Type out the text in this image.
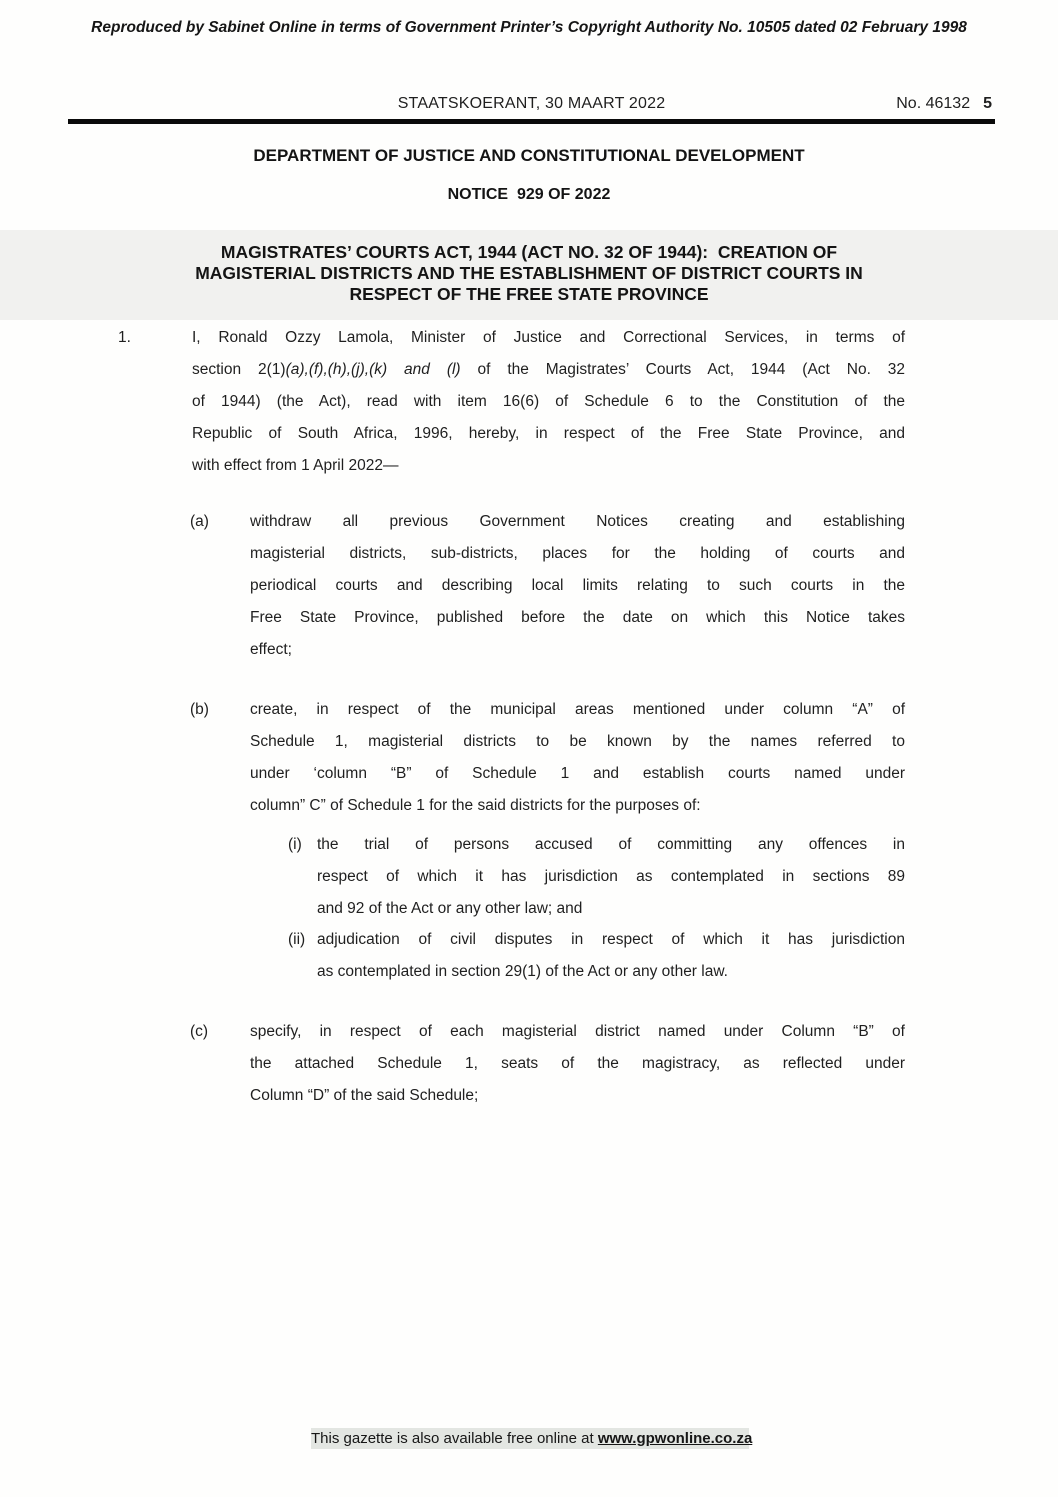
Reproduced by Sabinet Online in terms of Government Printer’s Copyright Authority No. 10505 dated 02 February 1998
STAATSKOERANT, 30 MAART 2022	No. 46132 5
DEPARTMENT OF JUSTICE AND CONSTITUTIONAL DEVELOPMENT
NOTICE  929 OF 2022
MAGISTRATES’ COURTS ACT, 1944 (ACT NO. 32 OF 1944):  CREATION OF
MAGISTERIAL DISTRICTS AND THE ESTABLISHMENT OF DISTRICT COURTS IN
RESPECT OF THE FREE STATE PROVINCE
1.	I, Ronald Ozzy Lamola, Minister of Justice and Correctional Services, in terms of
section 2(1)(a),(f),(h),(j),(k) and (l) of the Magistrates’ Courts Act, 1944 (Act No. 32
of 1944) (the Act), read with item 16(6) of Schedule 6 to the Constitution of the
Republic of South Africa, 1996, hereby, in respect of the Free State Province, and
with effect from 1 April 2022—
(a)	withdraw all previous Government Notices creating and establishing
magisterial districts, sub-districts, places for the holding of courts and
periodical courts and describing local limits relating to such courts in the
Free State Province, published before the date on which this Notice takes
effect;
(b)	create, in respect of the municipal areas mentioned under column “A” of
Schedule 1, magisterial districts to be known by the names referred to
under ‘column “B” of Schedule 1 and establish courts named under
column” C” of Schedule 1 for the said districts for the purposes of:
(i) the trial of persons accused of committing any offences in
respect of which it has jurisdiction as contemplated in sections 89
and 92 of the Act or any other law; and
(ii) adjudication of civil disputes in respect of which it has jurisdiction
as contemplated in section 29(1) of the Act or any other law.
(c)	specify, in respect of each magisterial district named under Column “B” of
the attached Schedule 1, seats of the magistracy, as reflected under
Column “D” of the said Schedule;
This gazette is also available free online at www.gpwonline.co.za
